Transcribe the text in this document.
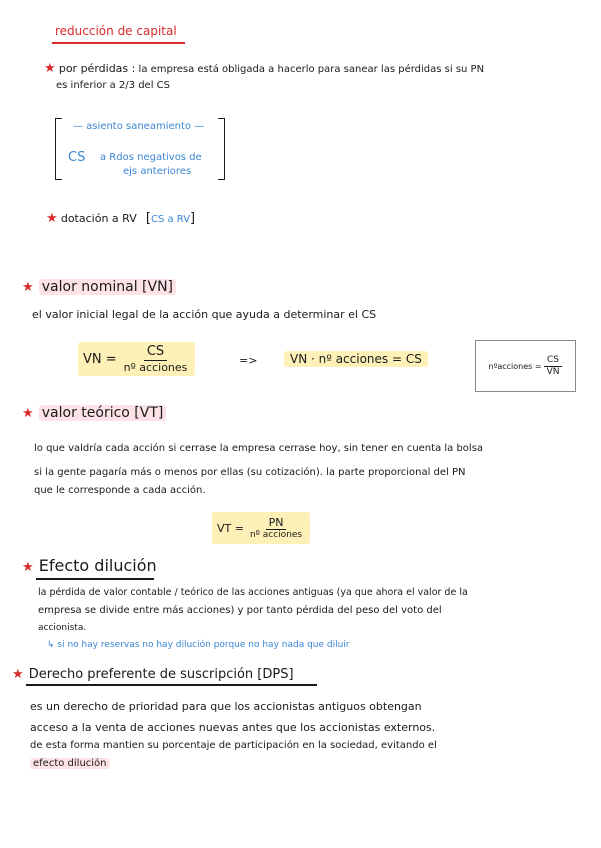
reducción de capital
★ por pérdidas : la empresa está obligada a hacerlo para sanear las pérdidas si su PN
es inferior a 2/3 del CS
— asiento saneamiento —
CS a Rdos negativos de
ejs anteriores
★ dotación a RV [CS a RV]
★ valor nominal [VN]
el valor inicial legal de la acción que ayuda a determinar el CS
VN = $\frac{CS}{\text{nº acciones}}$	=>	VN · nº acciones = CS	nºacciones = $\frac{CS}{VN}$
★ valor teórico [VT]
lo que valdría cada acción si cerrase la empresa cerrase hoy, sin tener en cuenta la bolsa
si la gente pagaría más o menos por ellas (su cotización). la parte proporcional del PN
que le corresponde a cada acción.
VT = $\frac{PN}{\text{nº acciones}}$
★ Efecto dilución
la pérdida de valor contable / teórico de las acciones antiguas (ya que ahora el valor de la
empresa se divide entre más acciones) y por tanto pérdida del peso del voto del
accionista.
↳ si no hay reservas no hay dilución porque no hay nada que diluir
★ Derecho preferente de suscripción [DPS]
es un derecho de prioridad para que los accionistas antiguos obtengan
acceso a la venta de acciones nuevas antes que los accionistas externos.
de esta forma mantien su porcentaje de participación en la sociedad, evitando el
efecto dilución
